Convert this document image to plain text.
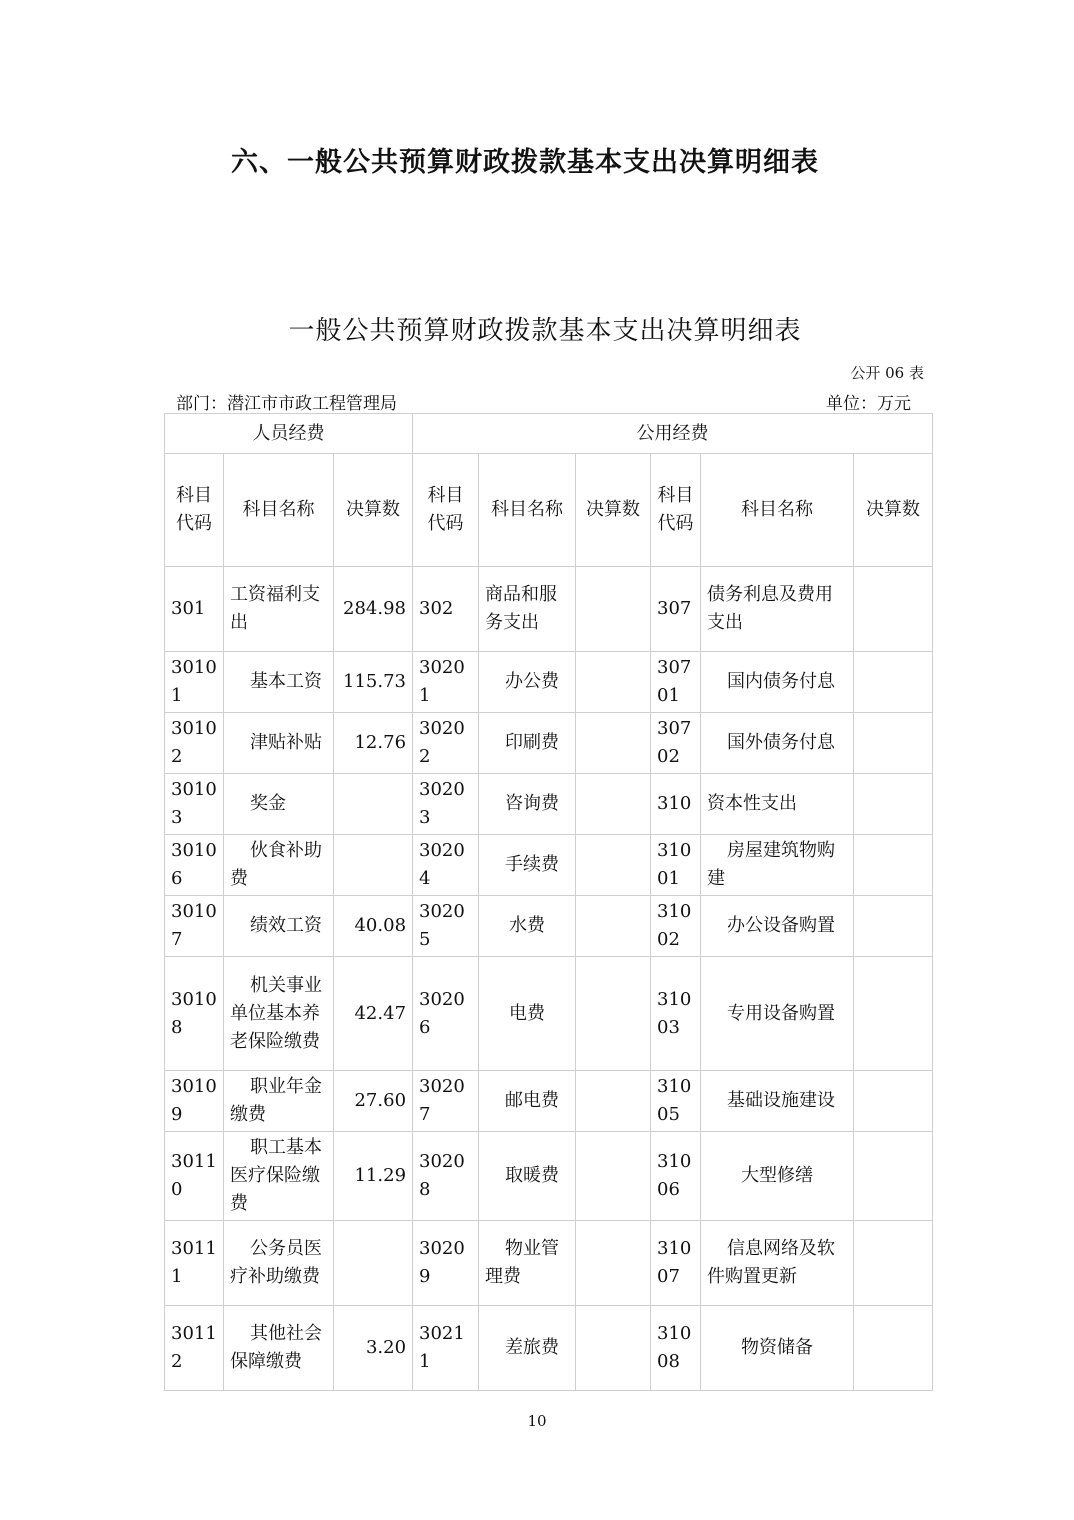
六、一般公共预算财政拨款基本支出决算明细表
一般公共预算财政拨款基本支出决算明细表
公开 06 表
部门：潜江市市政工程管理局	单位：万元
人员经费			公用经费					
科目代码	科目名称	决算数	科目代码	科目名称	决算数	科目代码	科目名称	决算数
301	工资福利支出	284.98	302	商品和服务支出		307	债务利息及费用支出	
30101	基本工资	115.73	30201	办公费		30701	国内债务付息	
30102	津贴补贴	12.76	30202	印刷费		30702	国外债务付息	
30103	奖金		30203	咨询费		310	资本性支出	
30106	伙食补助费		30204	手续费		31001	房屋建筑物购建	
30107	绩效工资	40.08	30205	水费		31002	办公设备购置	
30108	机关事业单位基本养老保险缴费	42.47	30206	电费		31003	专用设备购置	
30109	职业年金缴费	27.60	30207	邮电费		31005	基础设施建设	
30110	职工基本医疗保险缴费	11.29	30208	取暖费		31006	大型修缮	
30111	公务员医疗补助缴费		30209	物业管理费		31007	信息网络及软件购置更新	
30112	其他社会保障缴费	3.20	30211	差旅费		31008	物资储备	
10
